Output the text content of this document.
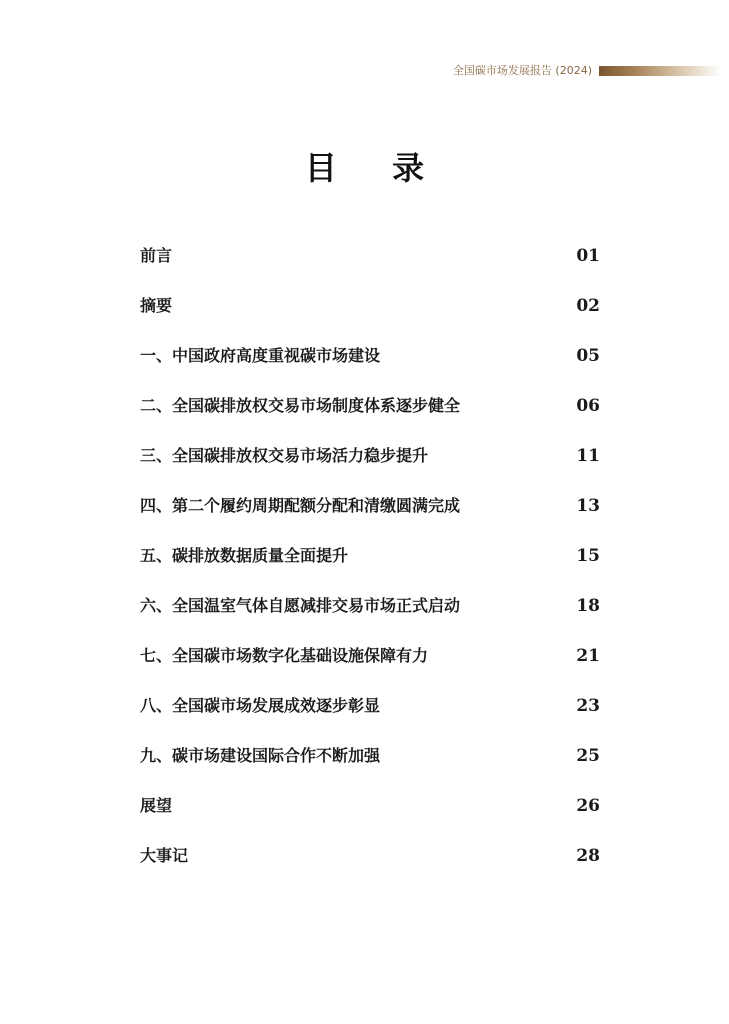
全国碳市场发展报告 (2024)
目 录
前言	01
摘要	02
一、中国政府高度重视碳市场建设	05
二、全国碳排放权交易市场制度体系逐步健全	06
三、全国碳排放权交易市场活力稳步提升	11
四、第二个履约周期配额分配和清缴圆满完成	13
五、碳排放数据质量全面提升	15
六、全国温室气体自愿减排交易市场正式启动	18
七、全国碳市场数字化基础设施保障有力	21
八、全国碳市场发展成效逐步彰显	23
九、碳市场建设国际合作不断加强	25
展望	26
大事记	28
